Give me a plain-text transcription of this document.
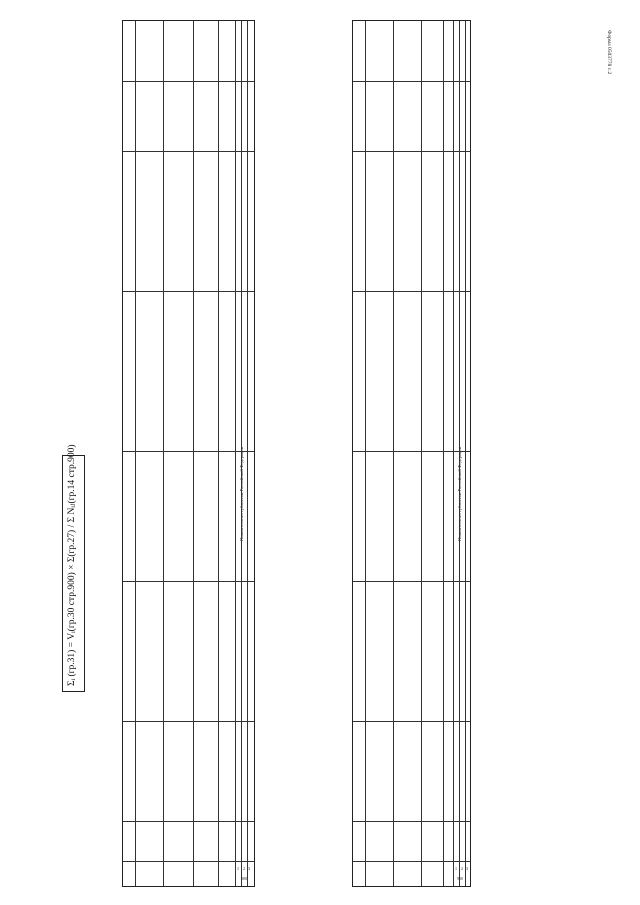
Форма 0503778 с.2
Σᵢ (гр.31) = Vᵢ(гр.30 стр.900) × Σ(гр.27) / Σ Nᵢⱼ(гр.14 стр.900)	Показатели по субъектам Российской Федерации
1 2 3
900
Показатели по субъектам Российской Федерации
1 2 3
900
